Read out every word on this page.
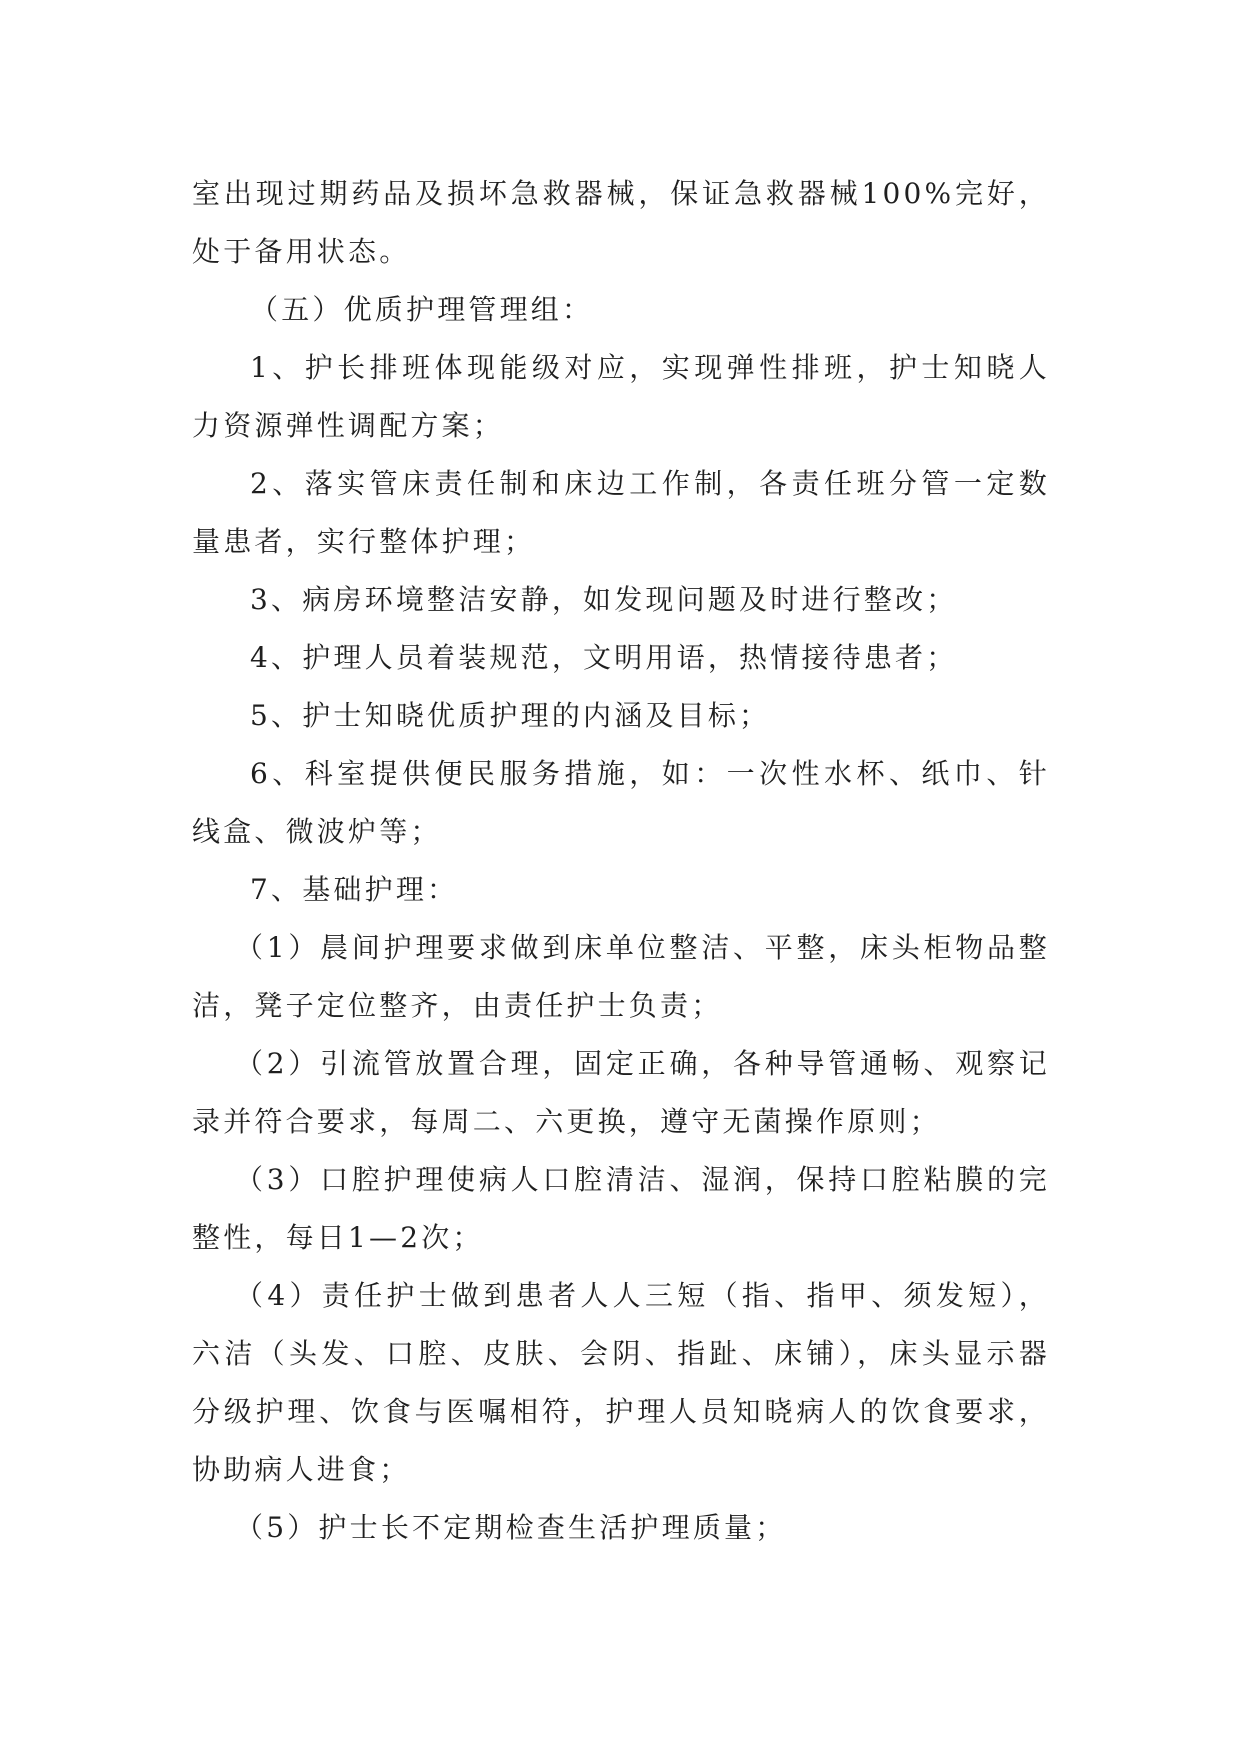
室出现过期药品及损坏急救器械，保证急救器械100%完好，处于备用状态。

（五）优质护理管理组：

1、护长排班体现能级对应，实现弹性排班，护士知晓人力资源弹性调配方案；

2、落实管床责任制和床边工作制，各责任班分管一定数量患者，实行整体护理；

3、病房环境整洁安静，如发现问题及时进行整改；

4、护理人员着装规范，文明用语，热情接待患者；

5、护士知晓优质护理的内涵及目标；

6、科室提供便民服务措施，如：一次性水杯、纸巾、针线盒、微波炉等；

7、基础护理：

（1）晨间护理要求做到床单位整洁、平整，床头柜物品整洁，凳子定位整齐，由责任护士负责；

（2）引流管放置合理，固定正确，各种导管通畅、观察记录并符合要求，每周二、六更换，遵守无菌操作原则；

（3）口腔护理使病人口腔清洁、湿润，保持口腔粘膜的完整性，每日1—2次；

（4）责任护士做到患者人人三短（指、指甲、须发短），六洁（头发、口腔、皮肤、会阴、指趾、床铺），床头显示器分级护理、饮食与医嘱相符，护理人员知晓病人的饮食要求，协助病人进食；

（5）护士长不定期检查生活护理质量；
